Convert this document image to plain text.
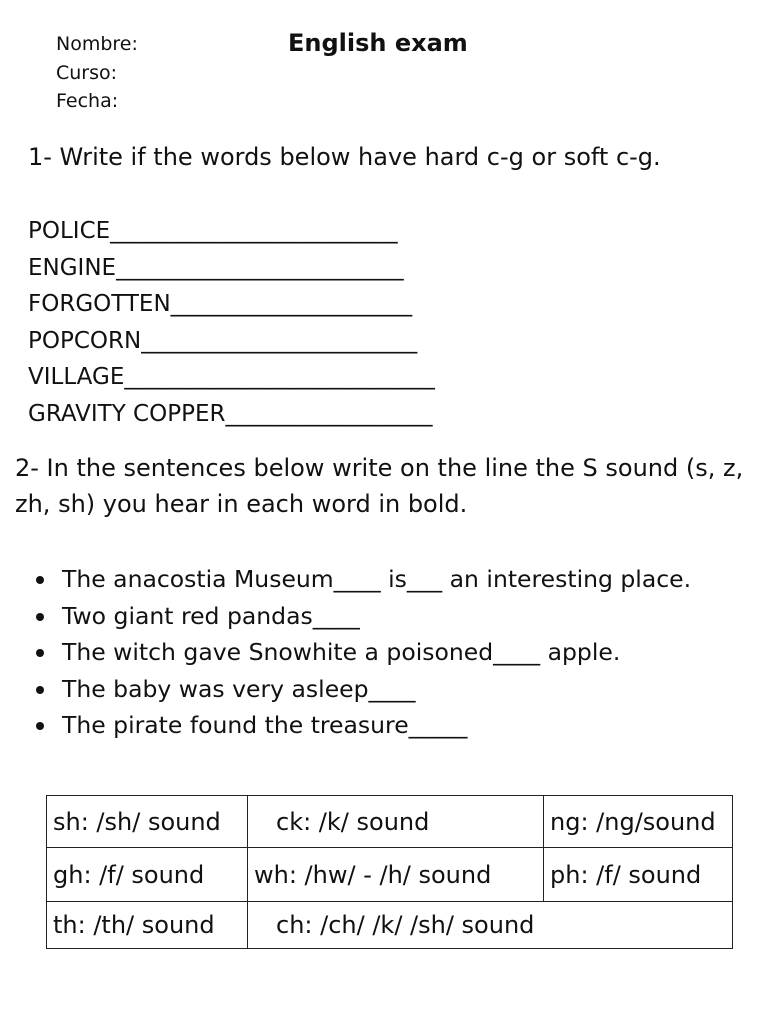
Nombre:
Curso:
Fecha:
English exam
1- Write if the words below have hard c-g or soft c-g.
POLICE_________________________
ENGINE_________________________
FORGOTTEN_____________________
POPCORN________________________
VILLAGE___________________________
GRAVITY COPPER__________________
2- In the sentences below write on the line the S sound (s, z, zh, sh) you hear in each word in bold.
The anacostia Museum____ is___ an interesting place.
Two giant red pandas____
The witch gave Snowhite a poisoned____ apple.
The baby was very asleep____
The pirate found the treasure_____
sh: /sh/ sound	ck: /k/ sound	ng: /ng/sound
gh: /f/ sound	wh: /hw/ - /h/ sound	ph: /f/ sound
th: /th/ sound	ch: /ch/ /k/ /sh/ sound	
